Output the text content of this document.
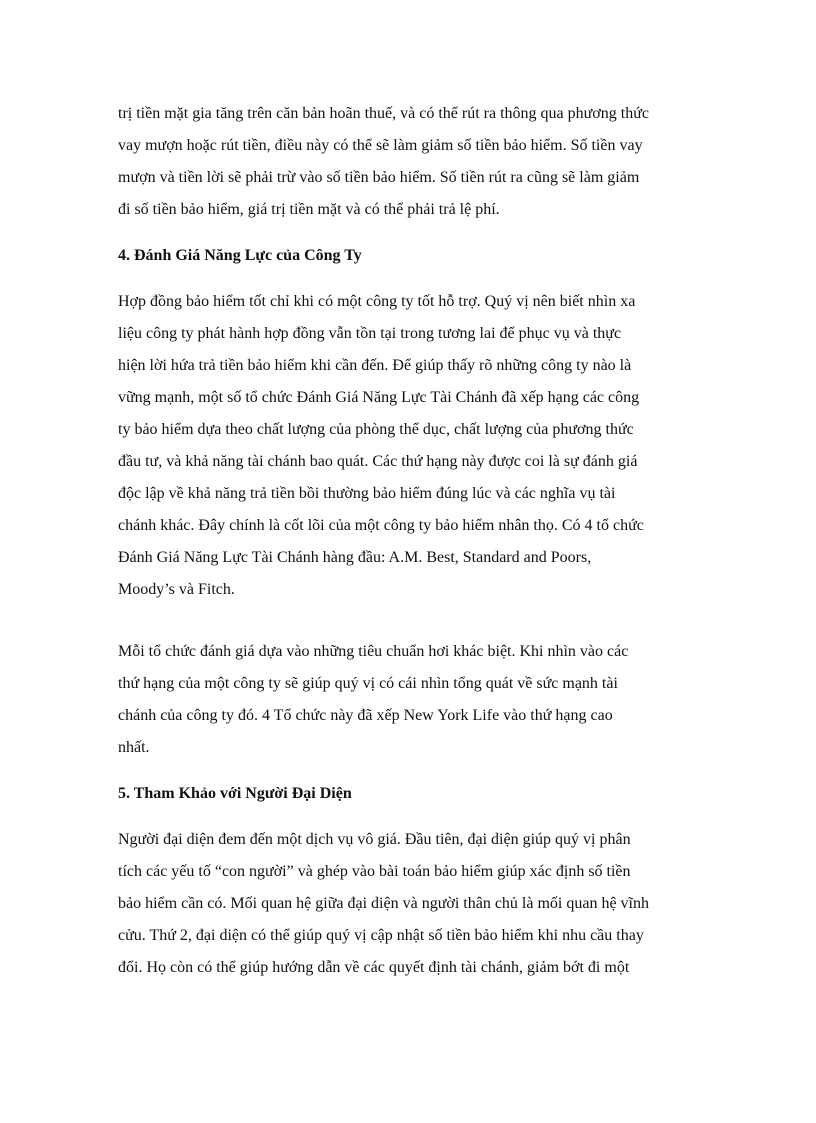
trị tiền mặt gia tăng trên căn bản hoãn thuế, và có thể rút ra thông qua phương thức
vay mượn hoặc rút tiền, điều này có thể sẽ làm giảm số tiền bảo hiểm. Số tiền vay
mượn và tiền lời sẽ phải trừ vào số tiền bảo hiểm. Số tiền rút ra cũng sẽ làm giảm
đi số tiền bảo hiểm, giá trị tiền mặt và có thể phải trả lệ phí.
4. Đánh Giá Năng Lực của Công Ty
Hợp đồng bảo hiểm tốt chỉ khi có một công ty tốt hỗ trợ. Quý vị nên biết nhìn xa
liệu công ty phát hành hợp đồng vẫn tồn tại trong tương lai để phục vụ và thực
hiện lời hứa trả tiền bảo hiểm khi cần đến. Để giúp thấy rõ những công ty nào là
vững mạnh, một số tổ chức Đánh Giá Năng Lực Tài Chánh đã xếp hạng các công
ty bảo hiểm dựa theo chất lượng của phòng thể dục, chất lượng của phương thức
đầu tư, và khả năng tài chánh bao quát. Các thứ hạng này được coi là sự đánh giá
độc lập về khả năng trả tiền bồi thường bảo hiểm đúng lúc và các nghĩa vụ tài
chánh khác. Đây chính là cốt lõi của một công ty bảo hiểm nhân thọ. Có 4 tổ chức
Đánh Giá Năng Lực Tài Chánh hàng đầu: A.M. Best, Standard and Poors,
Moody’s và Fitch.
Mỗi tổ chức đánh giá dựa vào những tiêu chuẩn hơi khác biệt. Khi nhìn vào các
thứ hạng của một công ty sẽ giúp quý vị có cái nhìn tổng quát về sức mạnh tài
chánh của công ty đó. 4 Tổ chức này đã xếp New York Life vào thứ hạng cao
nhất.
5. Tham Khảo với Người Đại Diện
Người đại diện đem đến một dịch vụ vô giá. Đầu tiên, đại diện giúp quý vị phân
tích các yếu tố “con người” và ghép vào bài toán bảo hiểm giúp xác định số tiền
bảo hiểm cần có. Mối quan hệ giữa đại diện và người thân chủ là mối quan hệ vĩnh
cửu. Thứ 2, đại diện có thể giúp quý vị cập nhật số tiền bảo hiểm khi nhu cầu thay
đổi. Họ còn có thể giúp hướng dẫn về các quyết định tài chánh, giảm bớt đi một
